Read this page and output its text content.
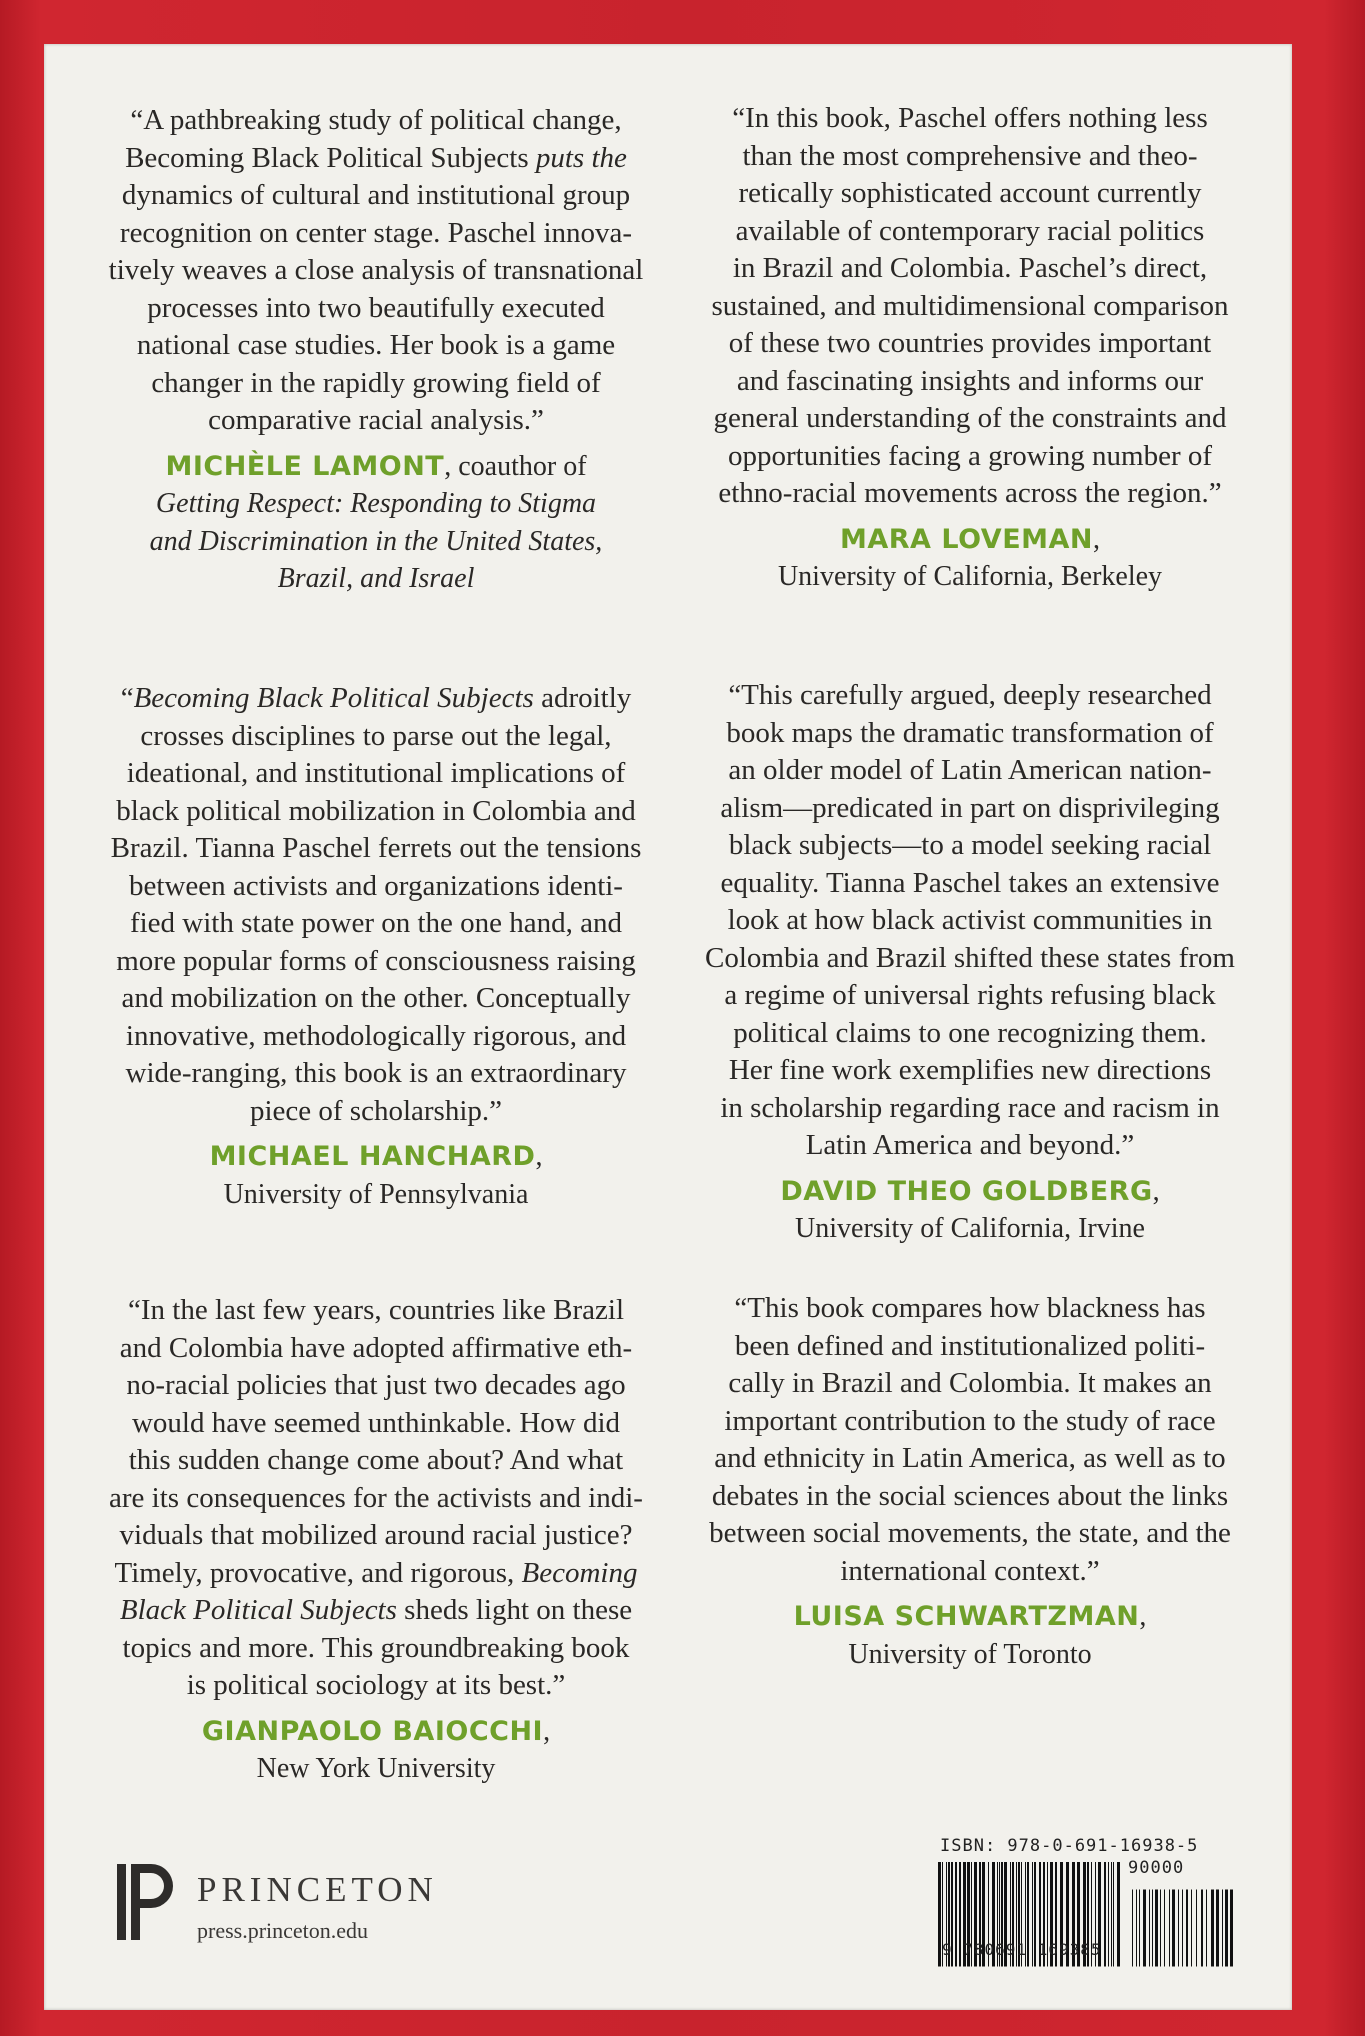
“A pathbreaking study of political change,
Becoming Black Political Subjects puts the
dynamics of cultural and institutional group
recognition on center stage. Paschel innova-
tively weaves a close analysis of transnational
processes into two beautifully executed
national case studies. Her book is a game
changer in the rapidly growing field of
comparative racial analysis.”
MICHÈLE LAMONT, coauthor of
Getting Respect: Responding to Stigma
and Discrimination in the United States,
Brazil, and Israel
“In this book, Paschel offers nothing less
than the most comprehensive and theo-
retically sophisticated account currently
available of contemporary racial politics
in Brazil and Colombia. Paschel’s direct,
sustained, and multidimensional comparison
of these two countries provides important
and fascinating insights and informs our
general understanding of the constraints and
opportunities facing a growing number of
ethno-racial movements across the region.”
MARA LOVEMAN,
University of California, Berkeley
“Becoming Black Political Subjects adroitly
crosses disciplines to parse out the legal,
ideational, and institutional implications of
black political mobilization in Colombia and
Brazil. Tianna Paschel ferrets out the tensions
between activists and organizations identi-
fied with state power on the one hand, and
more popular forms of consciousness raising
and mobilization on the other. Conceptually
innovative, methodologically rigorous, and
wide-ranging, this book is an extraordinary
piece of scholarship.”
MICHAEL HANCHARD,
University of Pennsylvania
“This carefully argued, deeply researched
book maps the dramatic transformation of
an older model of Latin American nation-
alism—predicated in part on disprivileging
black subjects—to a model seeking racial
equality. Tianna Paschel takes an extensive
look at how black activist communities in
Colombia and Brazil shifted these states from
a regime of universal rights refusing black
political claims to one recognizing them.
Her fine work exemplifies new directions
in scholarship regarding race and racism in
Latin America and beyond.”
DAVID THEO GOLDBERG,
University of California, Irvine
“In the last few years, countries like Brazil
and Colombia have adopted affirmative eth-
no-racial policies that just two decades ago
would have seemed unthinkable. How did
this sudden change come about? And what
are its consequences for the activists and indi-
viduals that mobilized around racial justice?
Timely, provocative, and rigorous, Becoming
Black Political Subjects sheds light on these
topics and more. This groundbreaking book
is political sociology at its best.”
GIANPAOLO BAIOCCHI,
New York University
“This book compares how blackness has
been defined and institutionalized politi-
cally in Brazil and Colombia. It makes an
important contribution to the study of race
and ethnicity in Latin America, as well as to
debates in the social sciences about the links
between social movements, the state, and the
international context.”
LUISA SCHWARTZMAN,
University of Toronto
PRINCETON
press.princeton.edu
ISBN: 978-0-691-16938-5
90000
9 780691 169385
